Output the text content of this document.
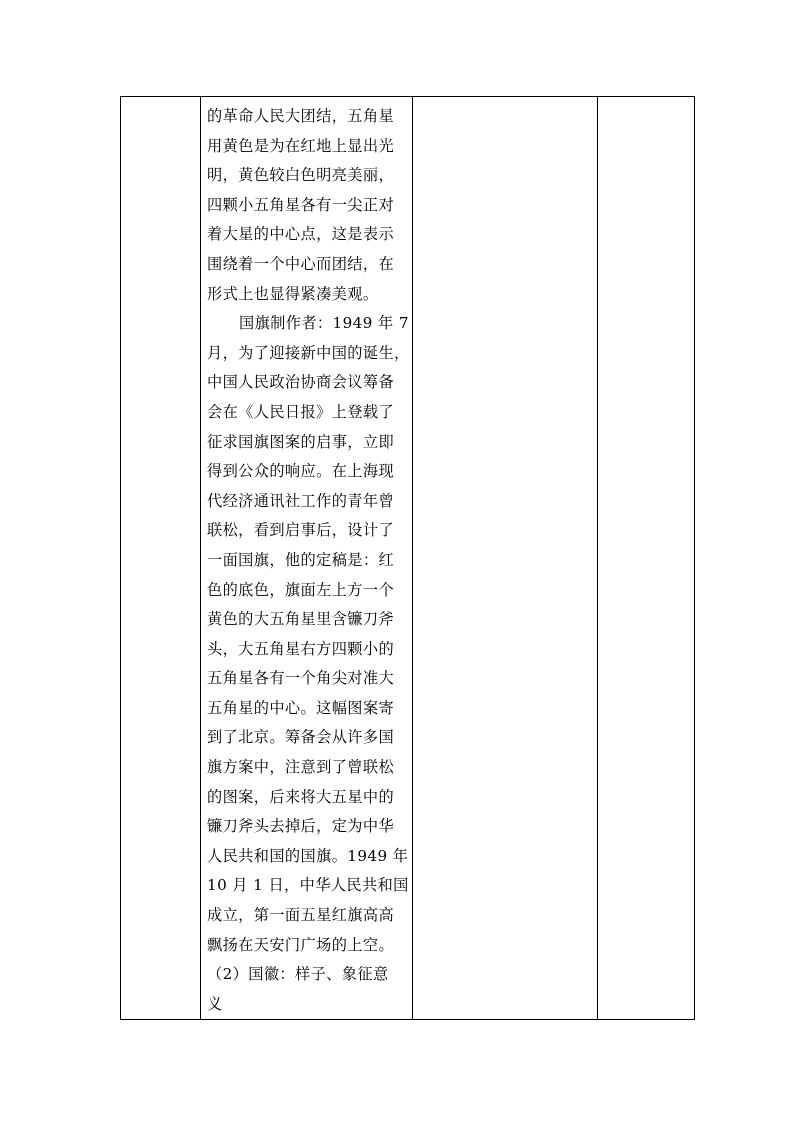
的革命人民大团结，五角星
用黄色是为在红地上显出光
明，黄色较白色明亮美丽，
四颗小五角星各有一尖正对
着大星的中心点，这是表示
围绕着一个中心而团结，在
形式上也显得紧凑美观。
国旗制作者：1949 年 7
月，为了迎接新中国的诞生，
中国人民政治协商会议筹备
会在《人民日报》上登载了
征求国旗图案的启事，立即
得到公众的响应。在上海现
代经济通讯社工作的青年曾
联松，看到启事后，设计了
一面国旗，他的定稿是：红
色的底色，旗面左上方一个
黄色的大五角星里含镰刀斧
头，大五角星右方四颗小的
五角星各有一个角尖对准大
五角星的中心。这幅图案寄
到了北京。筹备会从许多国
旗方案中，注意到了曾联松
的图案，后来将大五星中的
镰刀斧头去掉后，定为中华
人民共和国的国旗。1949 年
10 月 1 日，中华人民共和国
成立，第一面五星红旗高高
飘扬在天安门广场的上空。
（2）国徽：样子、象征意
义
